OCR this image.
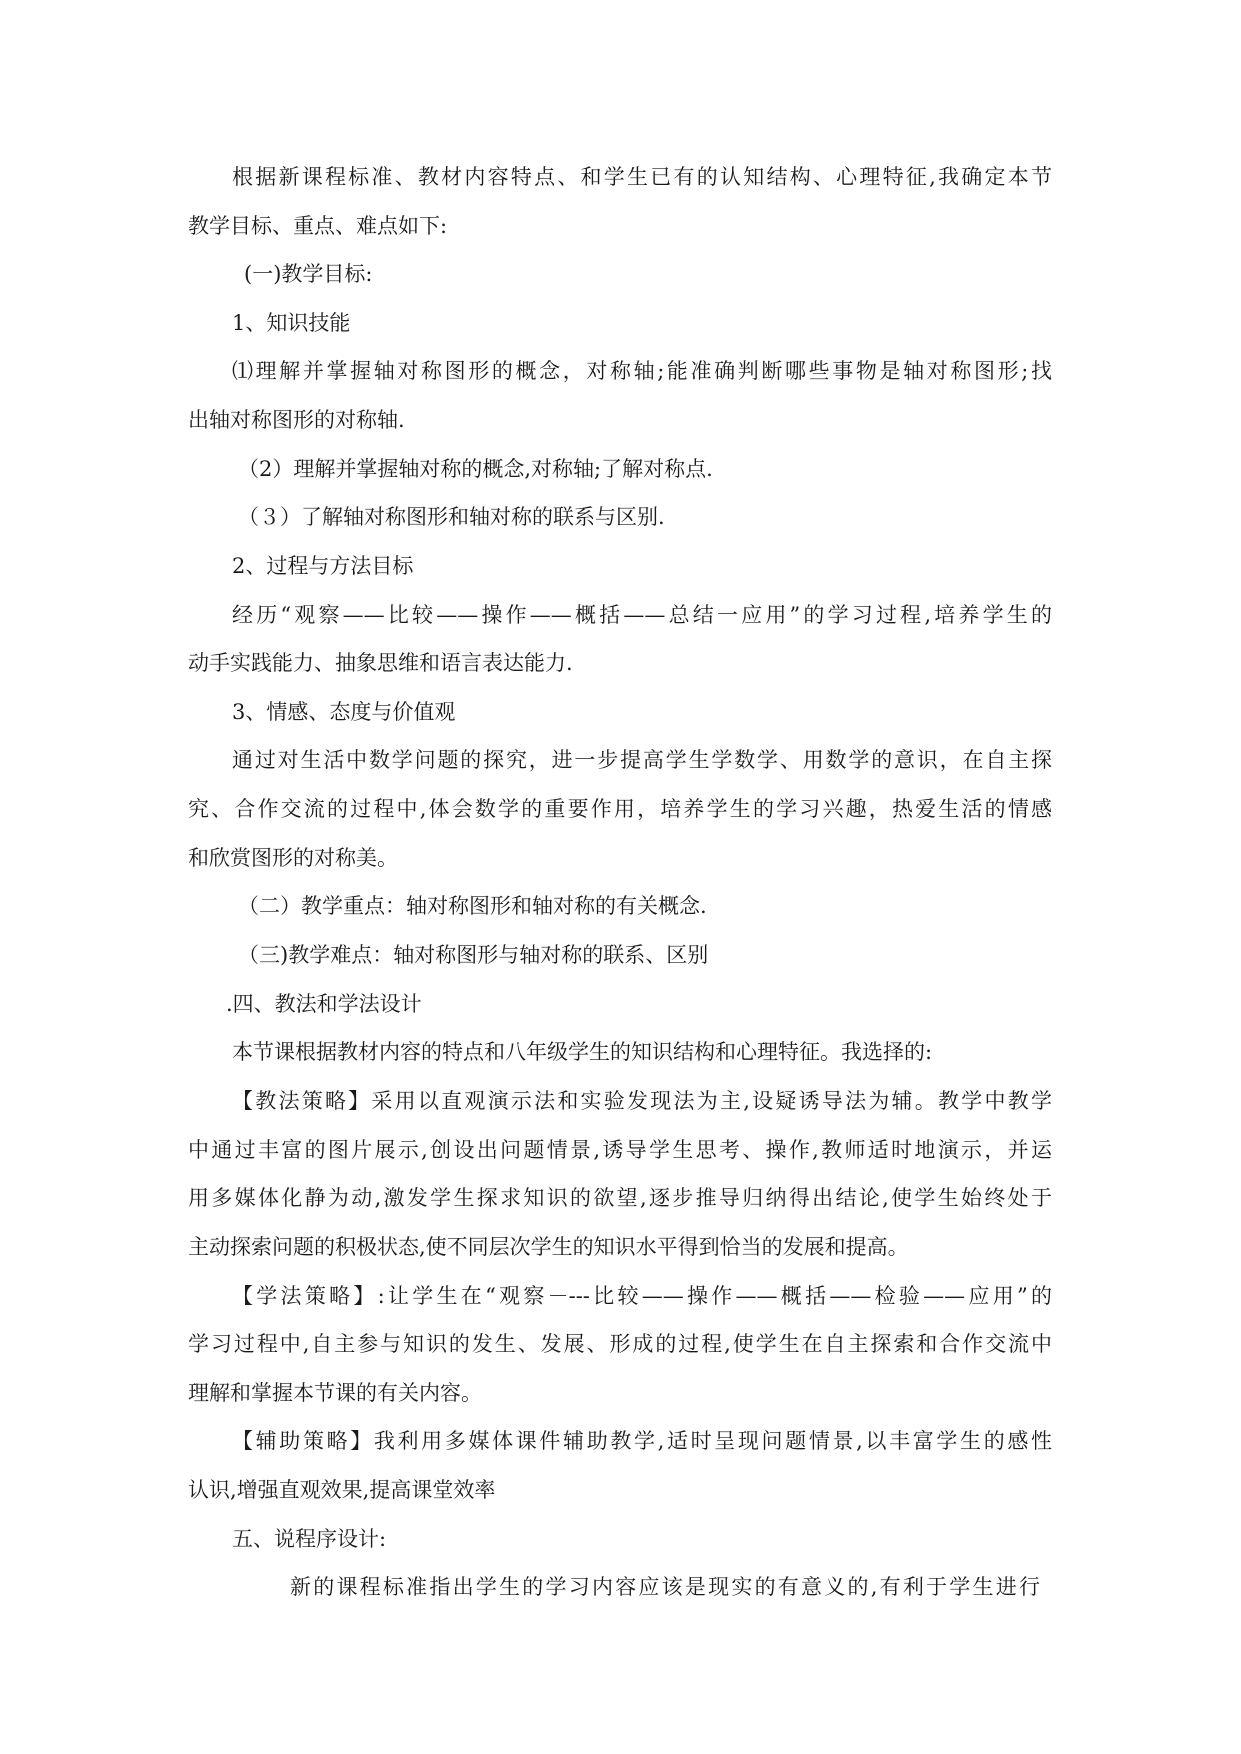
根据新课程标准、教材内容特点、和学生已有的认知结构、心理特征,我确定本节

教学目标、重点、难点如下:

(一)教学目标:

1、知识技能

⑴理解并掌握轴对称图形的概念，对称轴;能准确判断哪些事物是轴对称图形;找

出轴对称图形的对称轴.

（2）理解并掌握轴对称的概念,对称轴;了解对称点.

（３）了解轴对称图形和轴对称的联系与区别.

2、过程与方法目标

经历“观察——比较——操作——概括——总结一应用”的学习过程,培养学生的

动手实践能力、抽象思维和语言表达能力.

3、情感、态度与价值观

通过对生活中数学问题的探究，进一步提高学生学数学、用数学的意识，在自主探

究、合作交流的过程中,体会数学的重要作用，培养学生的学习兴趣，热爱生活的情感

和欣赏图形的对称美。

（二）教学重点：轴对称图形和轴对称的有关概念.

（三)教学难点：轴对称图形与轴对称的联系、区别

.四、教法和学法设计

本节课根据教材内容的特点和八年级学生的知识结构和心理特征。我选择的:

【教法策略】采用以直观演示法和实验发现法为主,设疑诱导法为辅。教学中教学

中通过丰富的图片展示,创设出问题情景,诱导学生思考、操作,教师适时地演示，并运

用多媒体化静为动,激发学生探求知识的欲望,逐步推导归纳得出结论,使学生始终处于

主动探索问题的积极状态,使不同层次学生的知识水平得到恰当的发展和提高。

【学法策略】:让学生在“观察－---比较——操作——概括——检验——应用”的

学习过程中,自主参与知识的发生、发展、形成的过程,使学生在自主探索和合作交流中

理解和掌握本节课的有关内容。

【辅助策略】我利用多媒体课件辅助教学,适时呈现问题情景,以丰富学生的感性

认识,增强直观效果,提高课堂效率

五、说程序设计:

新的课程标准指出学生的学习内容应该是现实的有意义的,有利于学生进行
